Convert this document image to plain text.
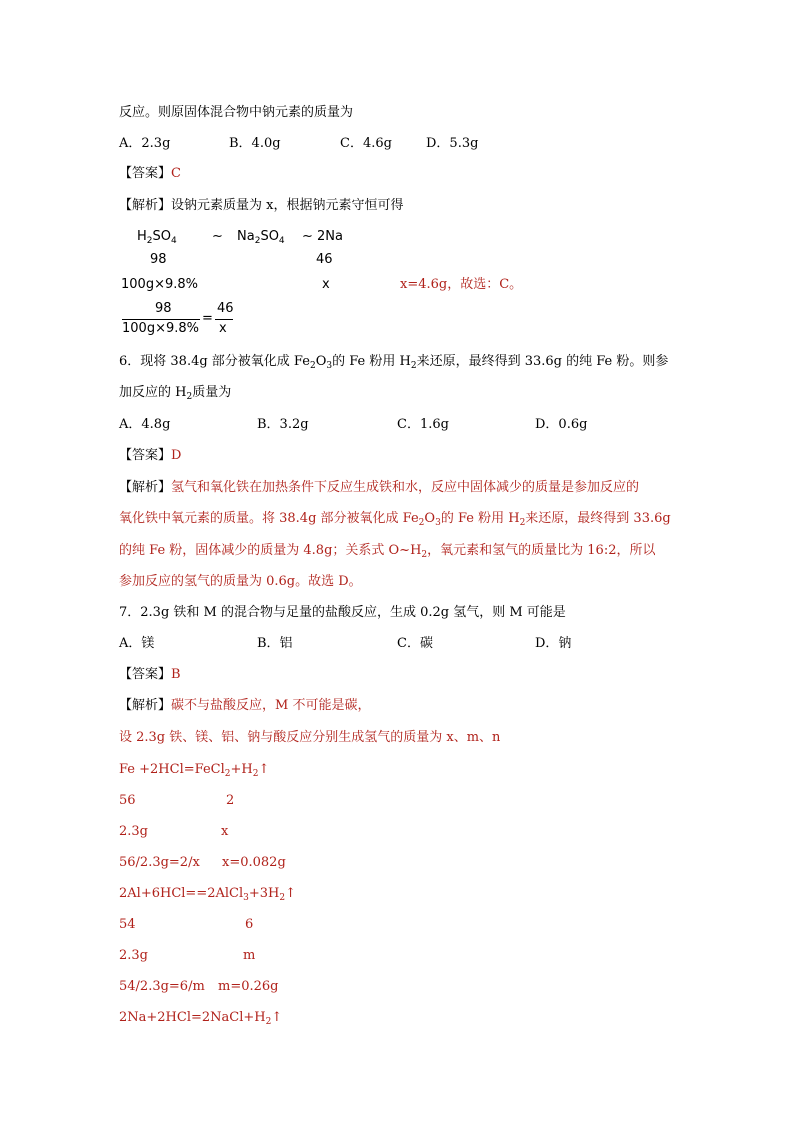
反应。则原固体混合物中钠元素的质量为
A．2.3g	B．4.0g	C．4.6g	D．5.3g
【答案】C
【解析】设钠元素质量为 x，根据钠元素守恒可得
$H_2SO_4$	~ $Na_2SO_4$ ~ 2Na
98	46
100g×9.8%	x	x=4.6g，故选：C。
98
100g×9.8%
=
46
x
6．现将 38.4g 部分被氧化成 $Fe_2O_3$的 Fe 粉用 $H_2$来还原，最终得到 33.6g 的纯 Fe 粉。则参
加反应的 $H_2$质量为
A．4.8g	B．3.2g	C．1.6g	D．0.6g
【答案】D
【解析】氢气和氧化铁在加热条件下反应生成铁和水，反应中固体减少的质量是参加反应的
氧化铁中氧元素的质量。将 38.4g 部分被氧化成 $Fe_2O_3$的 Fe 粉用 $H_2$来还原，最终得到 33.6g
的纯 Fe 粉，固体减少的质量为 4.8g；关系式 $O\sim H_2$，氧元素和氢气的质量比为 16:2，所以
参加反应的氢气的质量为 0.6g。故选 D。
7．2.3g 铁和 M 的混合物与足量的盐酸反应，生成 0.2g 氢气，则 M 可能是
A．镁	B．铝	C．碳	D．钠
【答案】B
【解析】碳不与盐酸反应，M 不可能是碳，
设 2.3g 铁、镁、铝、钠与酸反应分别生成氢气的质量为 x、m、n
$Fe +2HCl=FeCl_2+H_2↑$
56	2
2.3g	x
56/2.3g=2/x x=0.082g
$2Al+6HCl==2AlCl_3+3H_2↑$
54	6
2.3g	m
54/2.3g=6/m m=0.26g
$2Na+2HCl=2NaCl+H_2↑$
